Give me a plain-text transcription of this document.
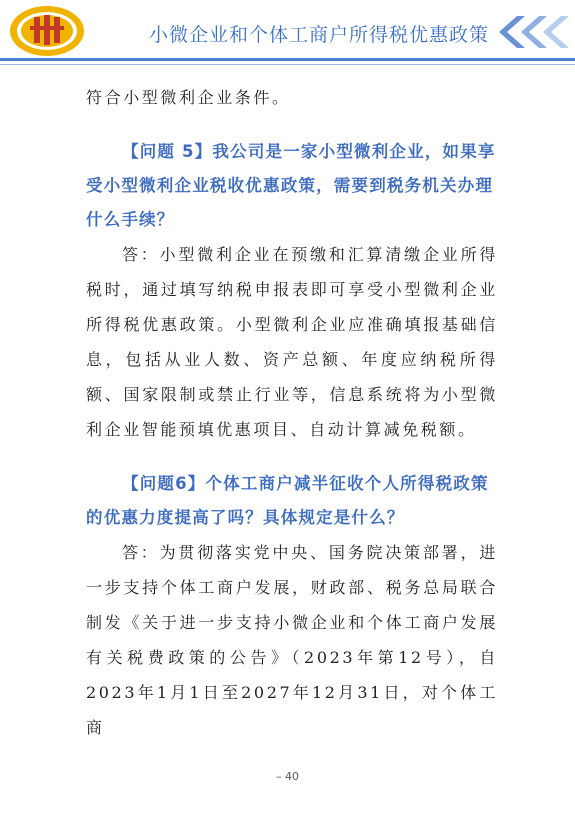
小微企业和个体工商户所得税优惠政策

符合小型微利企业条件。

【问题 5】我公司是一家小型微利企业，如果享受小型微利企业税收优惠政策，需要到税务机关办理什么手续？

答：小型微利企业在预缴和汇算清缴企业所得税时，通过填写纳税申报表即可享受小型微利企业所得税优惠政策。小型微利企业应准确填报基础信息，包括从业人数、资产总额、年度应纳税所得额、国家限制或禁止行业等，信息系统将为小型微利企业智能预填优惠项目、自动计算减免税额。

【问题6】个体工商户减半征收个人所得税政策的优惠力度提高了吗？具体规定是什么？

答：为贯彻落实党中央、国务院决策部署，进一步支持个体工商户发展，财政部、税务总局联合制发《关于进一步支持小微企业和个体工商户发展有关税费政策的公告》（2023年第12号），自2023年1月1日至2027年12月31日，对个体工商

– 40
